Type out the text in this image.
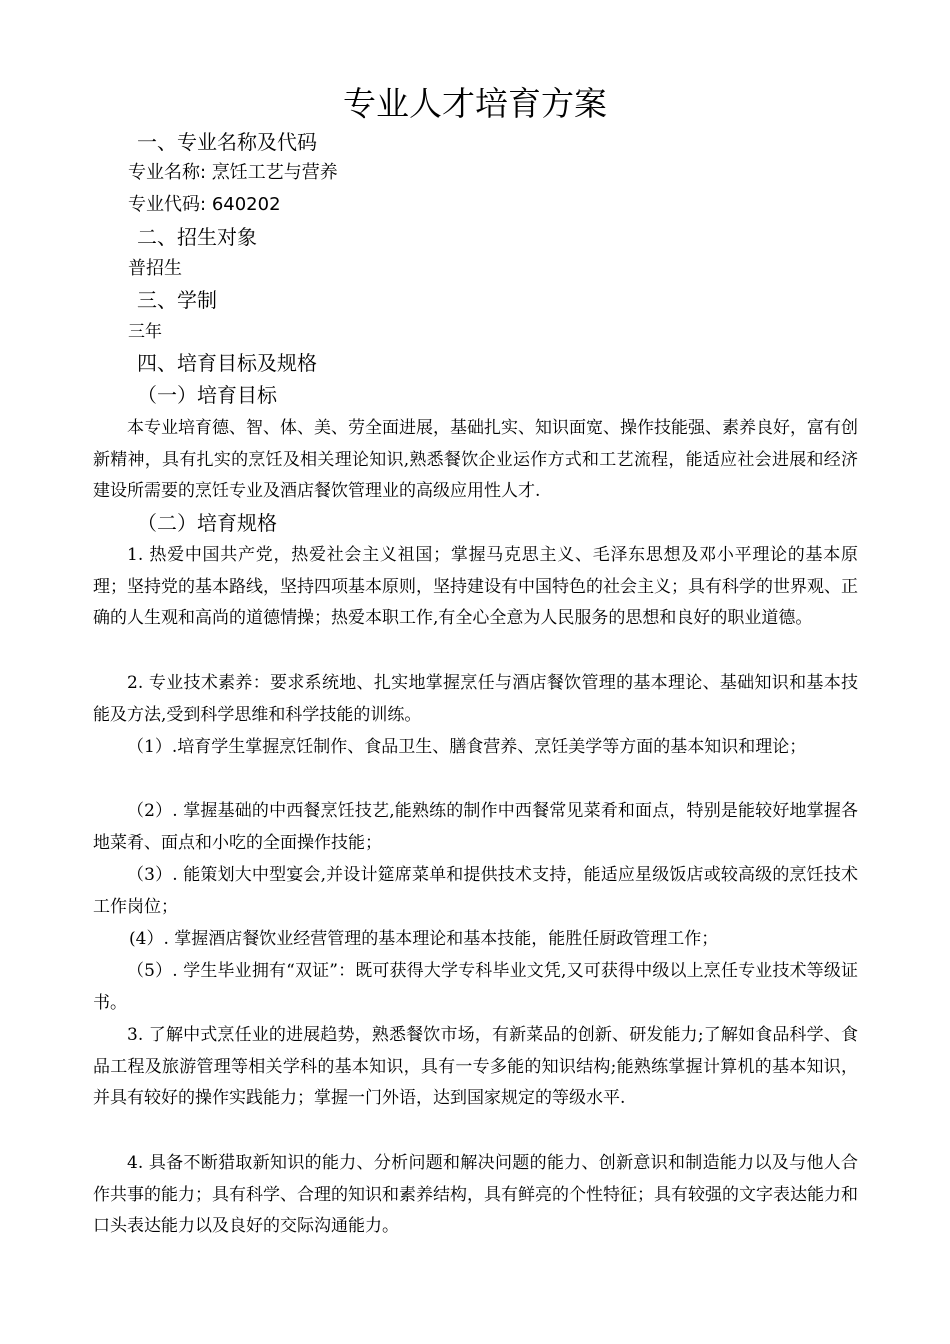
专业人才培育方案
一、专业名称及代码
专业名称: 烹饪工艺与营养
专业代码: 640202
二、招生对象
普招生
三、学制
三年
四、培育目标及规格
（一）培育目标

本专业培育德、智、体、美、劳全面进展，基础扎实、知识面宽、操作技能强、素养良好，富有创新精神，具有扎实的烹饪及相关理论知识,熟悉餐饮企业运作方式和工艺流程，能适应社会进展和经济建设所需要的烹饪专业及酒店餐饮管理业的高级应用性人才.

（二）培育规格

1. 热爱中国共产党，热爱社会主义祖国；掌握马克思主义、毛泽东思想及邓小平理论的基本原理；坚持党的基本路线，坚持四项基本原则，坚持建设有中国特色的社会主义；具有科学的世界观、正确的人生观和高尚的道德情操；热爱本职工作,有全心全意为人民服务的思想和良好的职业道德。

2. 专业技术素养：要求系统地、扎实地掌握烹任与酒店餐饮管理的基本理论、基础知识和基本技能及方法,受到科学思维和科学技能的训练。

（1）.培育学生掌握烹饪制作、食品卫生、膳食营养、烹饪美学等方面的基本知识和理论；

（2）. 掌握基础的中西餐烹饪技艺,能熟练的制作中西餐常见菜肴和面点，特别是能较好地掌握各地菜肴、面点和小吃的全面操作技能；

（3）. 能策划大中型宴会,并设计筵席菜单和提供技术支持，能适应星级饭店或较高级的烹饪技术工作岗位；

(4）. 掌握酒店餐饮业经营管理的基本理论和基本技能，能胜任厨政管理工作；

（5）. 学生毕业拥有“双证”：既可获得大学专科毕业文凭,又可获得中级以上烹任专业技术等级证书。

3. 了解中式烹任业的进展趋势，熟悉餐饮市场，有新菜品的创新、研发能力;了解如食品科学、食品工程及旅游管理等相关学科的基本知识，具有一专多能的知识结构;能熟练掌握计算机的基本知识，并具有较好的操作实践能力；掌握一门外语，达到国家规定的等级水平.

4. 具备不断猎取新知识的能力、分析问题和解决问题的能力、创新意识和制造能力以及与他人合作共事的能力；具有科学、合理的知识和素养结构，具有鲜亮的个性特征；具有较强的文字表达能力和口头表达能力以及良好的交际沟通能力。
